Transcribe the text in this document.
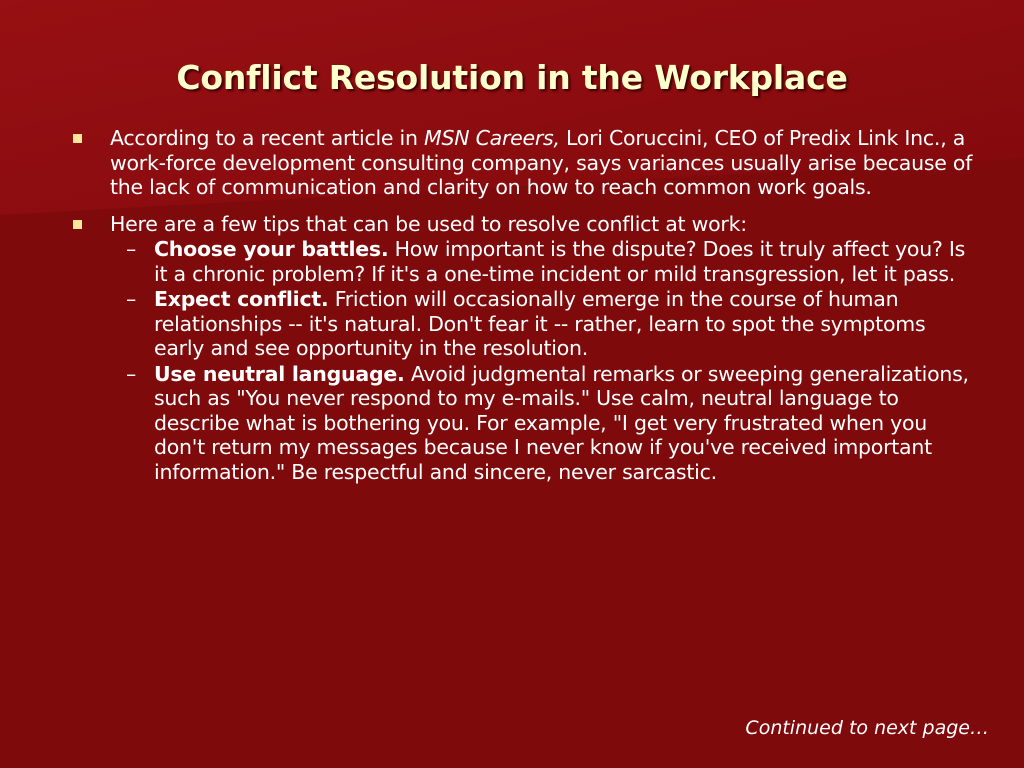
Conflict Resolution in the Workplace
According to a recent article in MSN Careers, Lori Coruccini, CEO of Predix Link Inc., a work-force development consulting company, says variances usually arise because of the lack of communication and clarity on how to reach common work goals.
Here are a few tips that can be used to resolve conflict at work:
– Choose your battles. How important is the dispute? Does it truly affect you? Is it a chronic problem? If it's a one-time incident or mild transgression, let it pass.
– Expect conflict. Friction will occasionally emerge in the course of human relationships -- it's natural. Don't fear it -- rather, learn to spot the symptoms early and see opportunity in the resolution.
– Use neutral language. Avoid judgmental remarks or sweeping generalizations, such as "You never respond to my e-mails." Use calm, neutral language to describe what is bothering you. For example, "I get very frustrated when you don't return my messages because I never know if you've received important information." Be respectful and sincere, never sarcastic.
Continued to next page…
